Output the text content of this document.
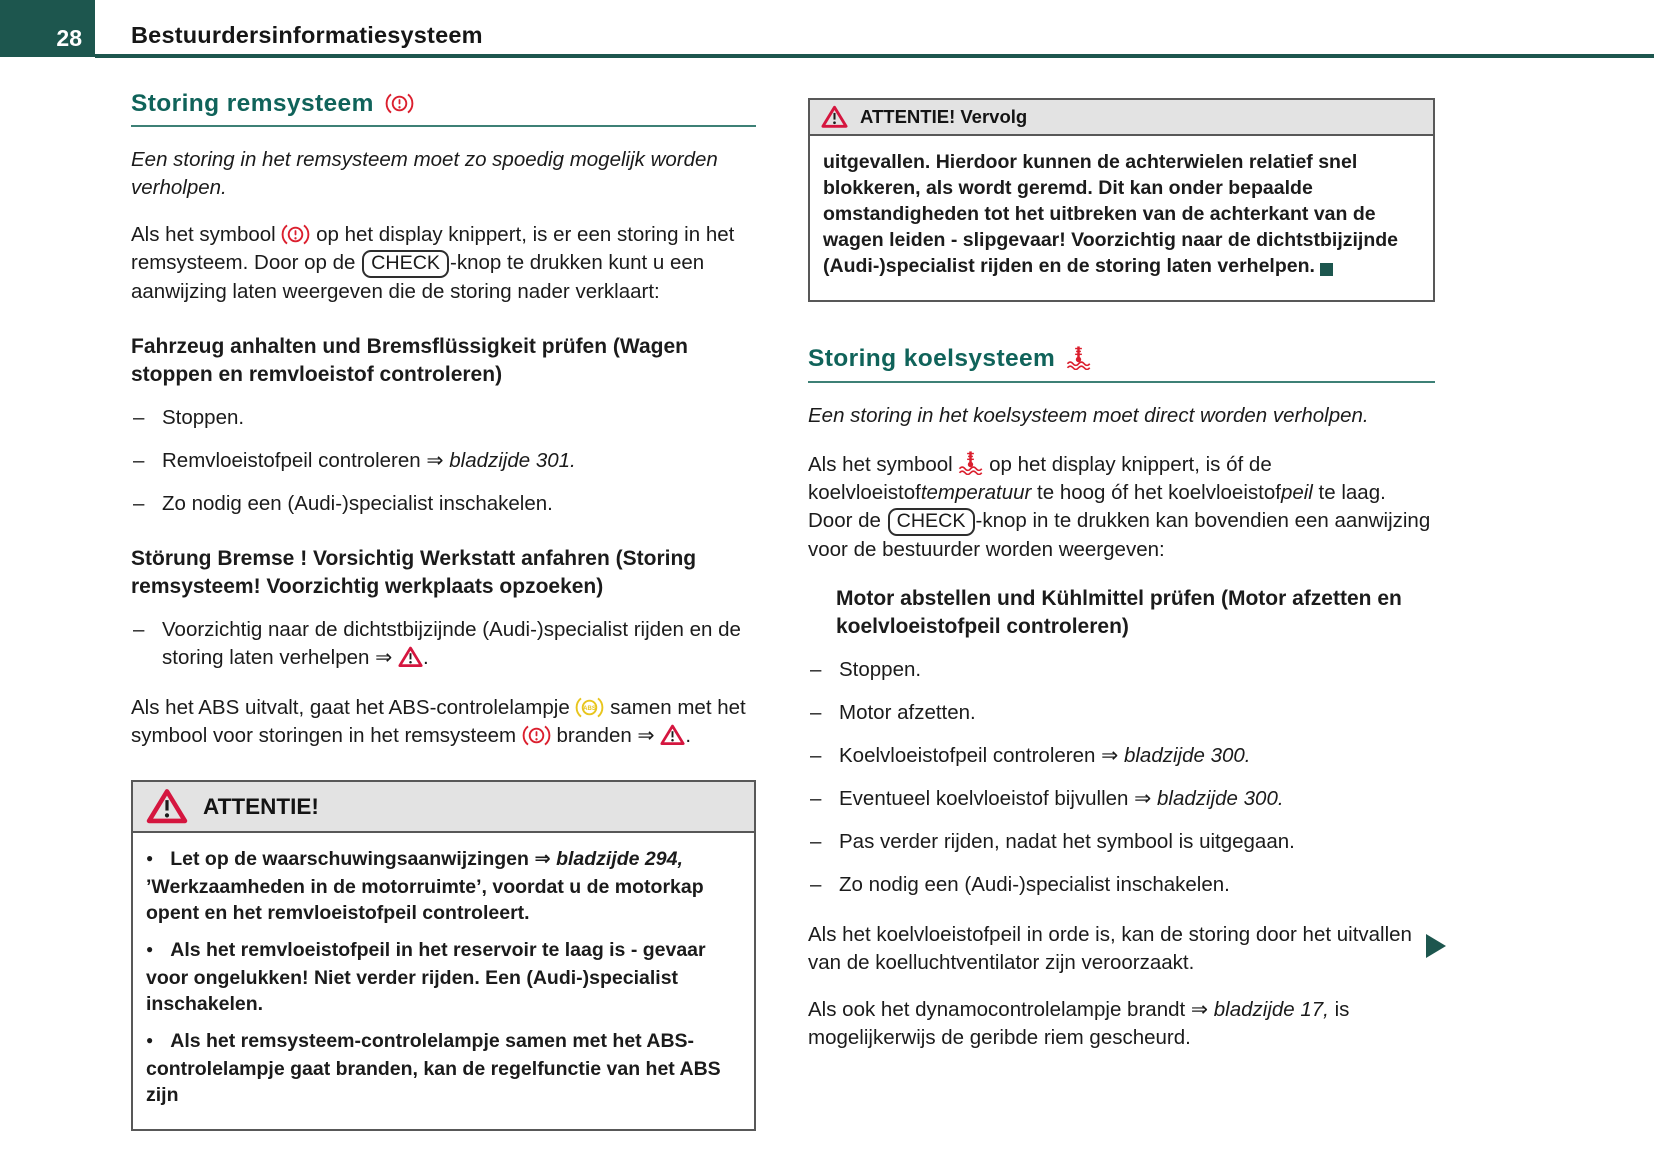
28 Bestuurdersinformatiesysteem
Storing remsysteem

Een storing in het remsysteem moet zo spoedig mogelijk worden verholpen.

Als het symbool  op het display knippert, is er een storing in het remsysteem. Door op de CHECK -knop te drukken kunt u een aanwijzing laten weergeven die de storing nader verklaart:

Fahrzeug anhalten und Bremsflüssigkeit prüfen (Wagen stoppen en remvloeistof controleren)

– Stoppen.
– Remvloeistofpeil controleren ⇒ bladzijde 301.
– Zo nodig een (Audi-)specialist inschakelen.

Störung Bremse ! Vorsichtig Werkstatt anfahren (Storing remsysteem! Voorzichtig werkplaats opzoeken)

– Voorzichtig naar de dichtstbijzijnde (Audi-)specialist rijden en de storing laten verhelpen ⇒ .

Als het ABS uitvalt, gaat het ABS-controlelampje ABS samen met het symbool voor storingen in het remsysteem  branden ⇒ .

ATTENTIE!

● Let op de waarschuwingsaanwijzingen ⇒ bladzijde 294, ’Werkzaamheden in de motorruimte’, voordat u de motorkap opent en het remvloeistofpeil controleert.

● Als het remvloeistofpeil in het reservoir te laag is - gevaar voor ongelukken! Niet verder rijden. Een (Audi-)specialist inschakelen.

● Als het remsysteem-controlelampje samen met het ABS-controlelampje gaat branden, kan de regelfunctie van het ABS zijn

ATTENTIE! Vervolg

uitgevallen. Hierdoor kunnen de achterwielen relatief snel blokkeren, als wordt geremd. Dit kan onder bepaalde omstandigheden tot het uitbreken van de achterkant van de wagen leiden - slipgevaar! Voorzichtig naar de dichtstbijzijnde (Audi-)specialist rijden en de storing laten verhelpen.

Storing koelsysteem

Een storing in het koelsysteem moet direct worden verholpen.

Als het symbool  op het display knippert, is óf de koelvloeistoftemperatuur te hoog óf het koelvloeistofpeil te laag. Door de CHECK -knop in te drukken kan bovendien een aanwijzing voor de bestuurder worden weergeven:

Motor abstellen und Kühlmittel prüfen (Motor afzetten en koelvloeistofpeil controleren)

– Stoppen.
– Motor afzetten.
– Koelvloeistofpeil controleren ⇒ bladzijde 300.
– Eventueel koelvloeistof bijvullen ⇒ bladzijde 300.
– Pas verder rijden, nadat het symbool is uitgegaan.
– Zo nodig een (Audi-)specialist inschakelen.

Als het koelvloeistofpeil in orde is, kan de storing door het uitvallen van de koelluchtventilator zijn veroorzaakt.

Als ook het dynamocontrolelampje brandt ⇒ bladzijde 17, is mogelijkerwijs de geribde riem gescheurd.
